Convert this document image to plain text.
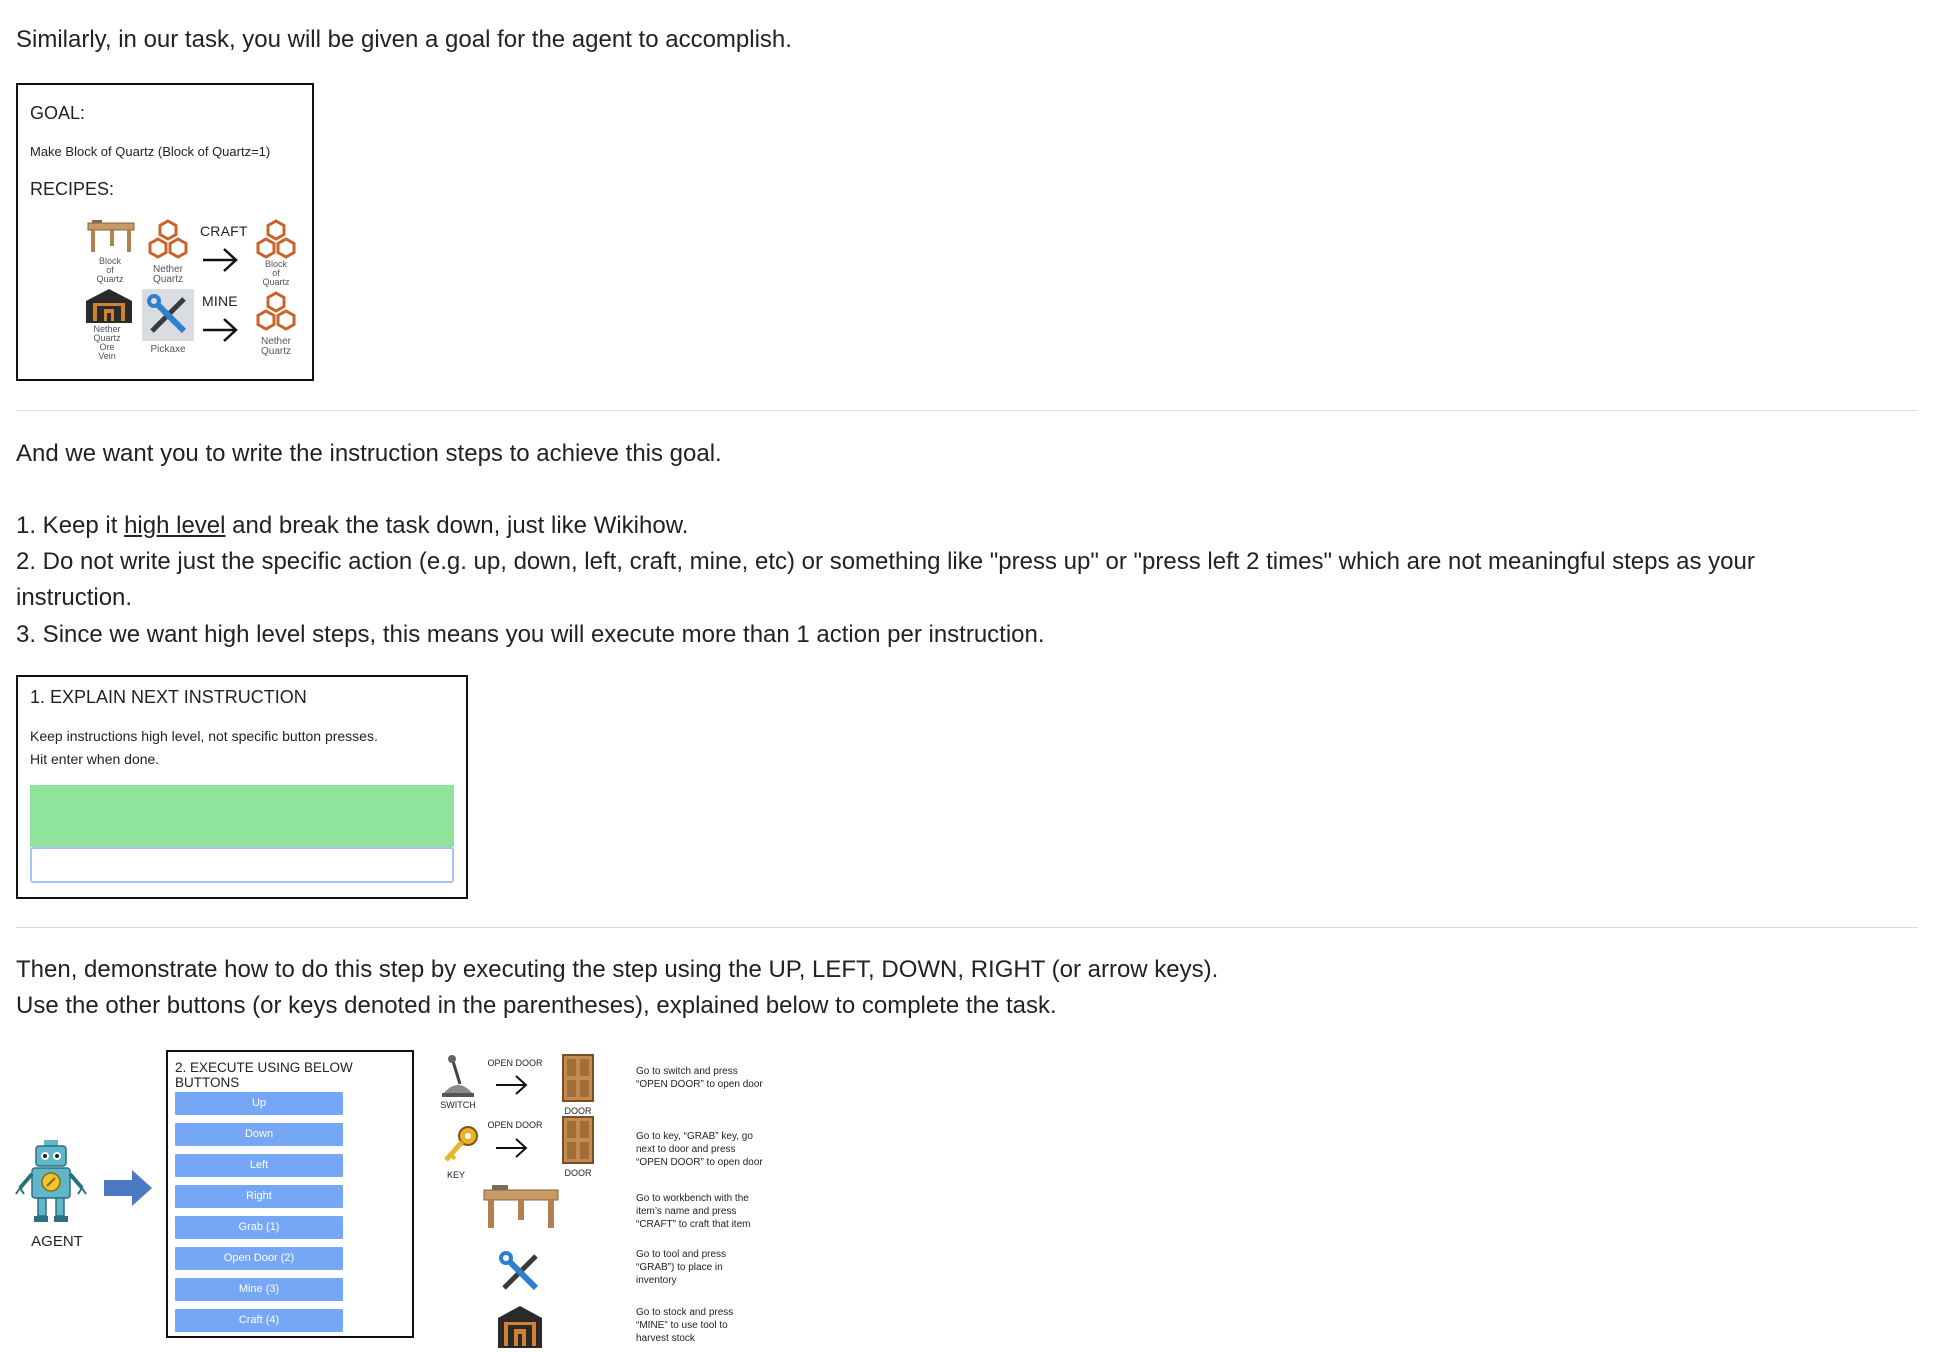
Similarly, in our task, you will be given a goal for the agent to accomplish.
GOAL:
Make Block of Quartz (Block of Quartz=1)
RECIPES:
Block
of
Quartz
Nether
Quartz
CRAFT
Block
of
Quartz
Nether
Quartz
Ore
Vein
Pickaxe
MINE
Nether
Quartz
And we want you to write the instruction steps to achieve this goal.
1. Keep it high level and break the task down, just like Wikihow.
2. Do not write just the specific action (e.g. up, down, left, craft, mine, etc) or something like "press up" or "press left 2 times" which are not meaningful steps as your
instruction.
3. Since we want high level steps, this means you will execute more than 1 action per instruction.
1. EXPLAIN NEXT INSTRUCTION
Keep instructions high level, not specific button presses.
Hit enter when done.
Then, demonstrate how to do this step by executing the step using the UP, LEFT, DOWN, RIGHT (or arrow keys).
Use the other buttons (or keys denoted in the parentheses), explained below to complete the task.
AGENT
2. EXECUTE USING BELOW BUTTONS
Up
Down
Left
Right
Grab (1)
Open Door (2)
Mine (3)
Craft (4)
SWITCH
OPEN DOOR
DOOR
Go to switch and press
“OPEN DOOR” to open door
KEY
OPEN DOOR
DOOR
Go to key, “GRAB” key, go
next to door and press
“OPEN DOOR” to open door
Go to workbench with the
item’s name and press
“CRAFT” to craft that item
Go to tool and press
“GRAB”) to place in
inventory
Go to stock and press
“MINE” to use tool to
harvest stock
